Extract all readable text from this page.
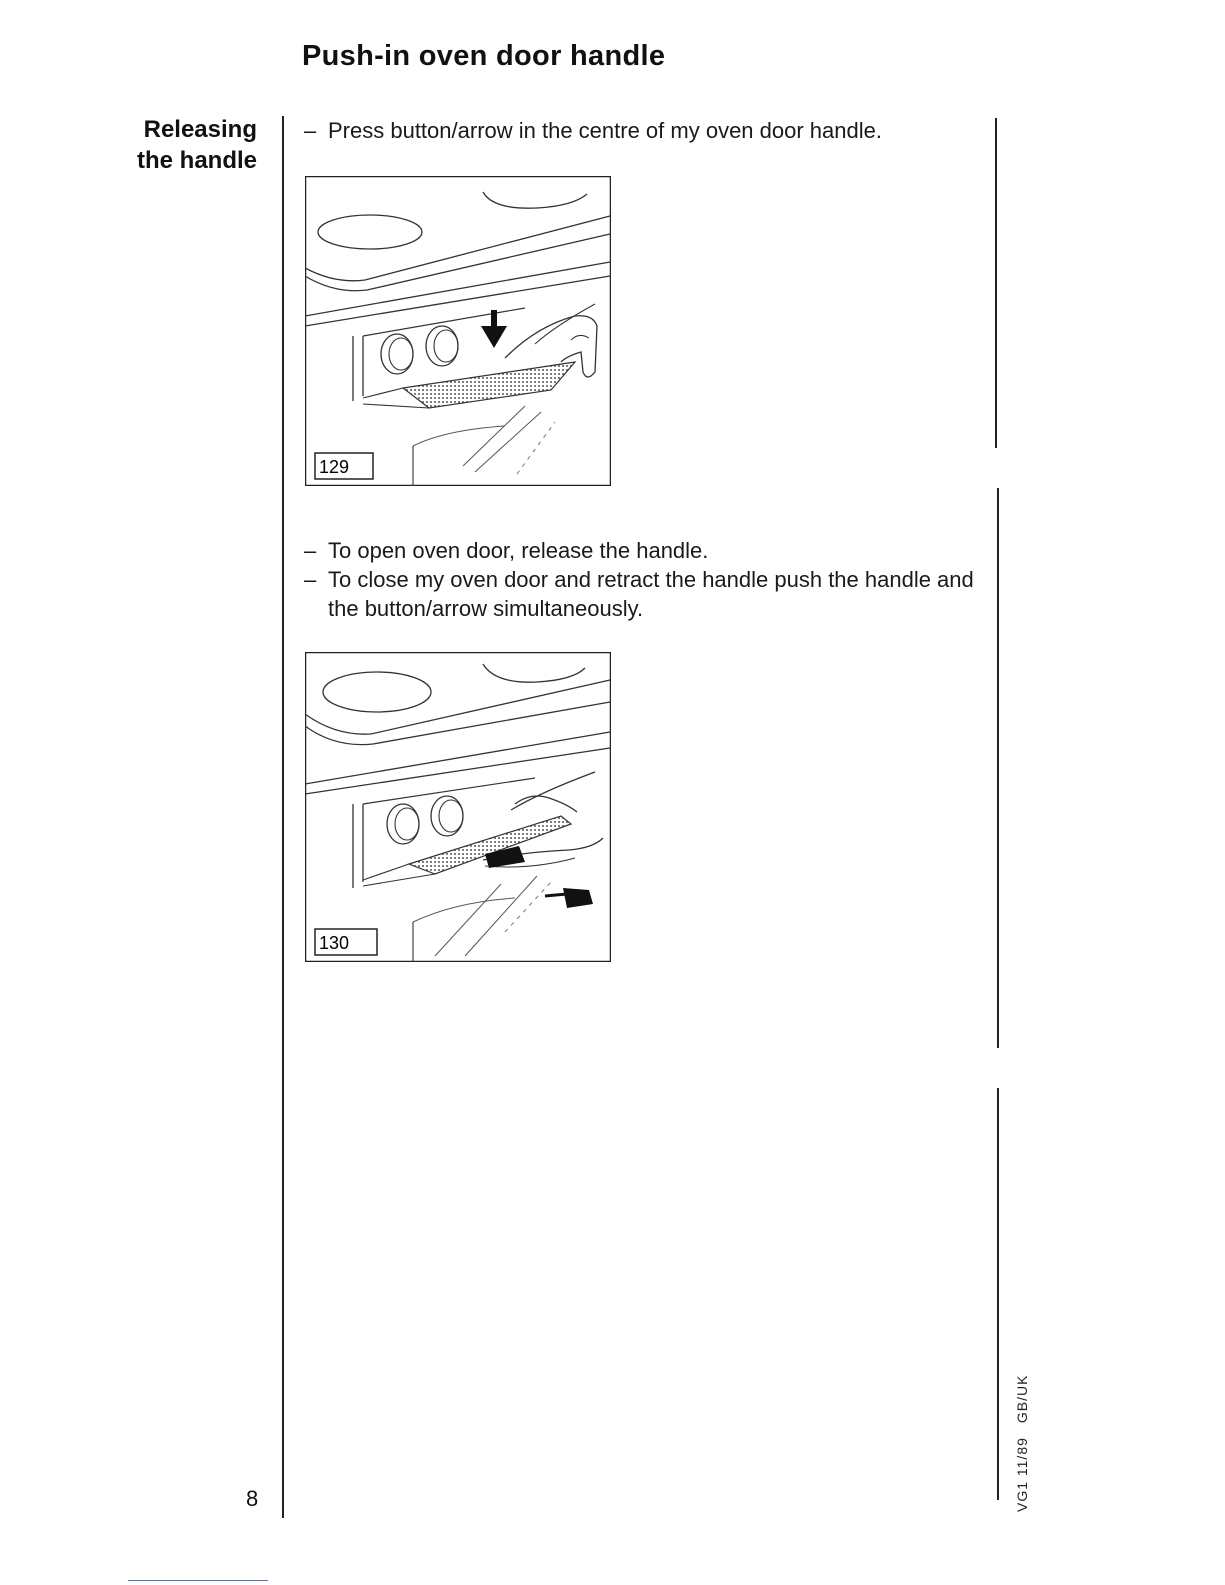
Push-in oven door handle
Releasing
the handle

– Press button/arrow in the centre of my oven door handle.

129

– To open oven door, release the handle.

– To close my oven door and retract the handle push the handle and the button/arrow simultaneously.

130
8	VG1 11/89GB/UK
